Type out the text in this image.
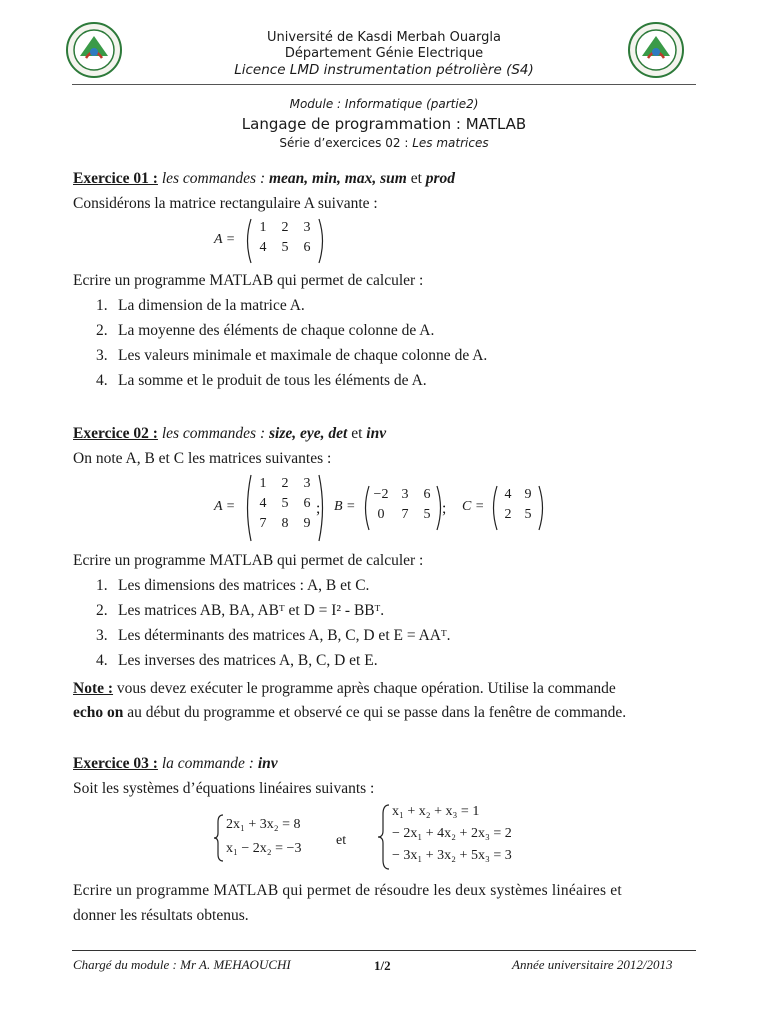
Université de Kasdi Merbah Ouargla
Département Génie Electrique
Licence LMD instrumentation pétrolière (S4)
Module : Informatique (partie2)
Langage de programmation : MATLAB
Série d’exercices 02 : Les matrices
Exercice 01 : les commandes : mean, min, max, sum et prod
Considérons la matrice rectangulaire A suivante :
A =
1	2	3
4	5	6
Ecrire un programme MATLAB qui permet de calculer :
1. La dimension de la matrice A.
2. La moyenne des éléments de chaque colonne de A.
3. Les valeurs minimale et maximale de chaque colonne de A.
4. La somme et le produit de tous les éléments de A.
Exercice 02 : les commandes : size, eye, det et inv
On note A, B et C les matrices suivantes :
A =
1	2	3
4	5	6
7	8	9
; B =
−2 3	6
0	7	5 ; C =
4 9
2 5
Ecrire un programme MATLAB qui permet de calculer :
1. Les dimensions des matrices : A, B et C.
2. Les matrices AB, BA, ABᵀ et D = I² - BBᵀ.
3. Les déterminants des matrices A, B, C, D et E = AAᵀ.
4. Les inverses des matrices A, B, C, D et E.
Note : vous devez exécuter le programme après chaque opération. Utilise la commande
echo on au début du programme et observé ce qui se passe dans la fenêtre de commande.
Exercice 03 : la commande : inv
Soit les systèmes d’équations linéaires suivants :
2x₁ + 3x₂ = 8
x₁ − 2x₂ = −3
et
x₁ + x₂ + x₃ = 1
− 2x₁ + 4x₂ + 2x₃ = 2
− 3x₁ + 3x₂ + 5x₃ = 3
Ecrire un programme MATLAB qui permet de résoudre les deux systèmes linéaires et
donner les résultats obtenus.
Chargé du module : Mr A. MEHAOUCHI	1/2	Année universitaire 2012/2013
